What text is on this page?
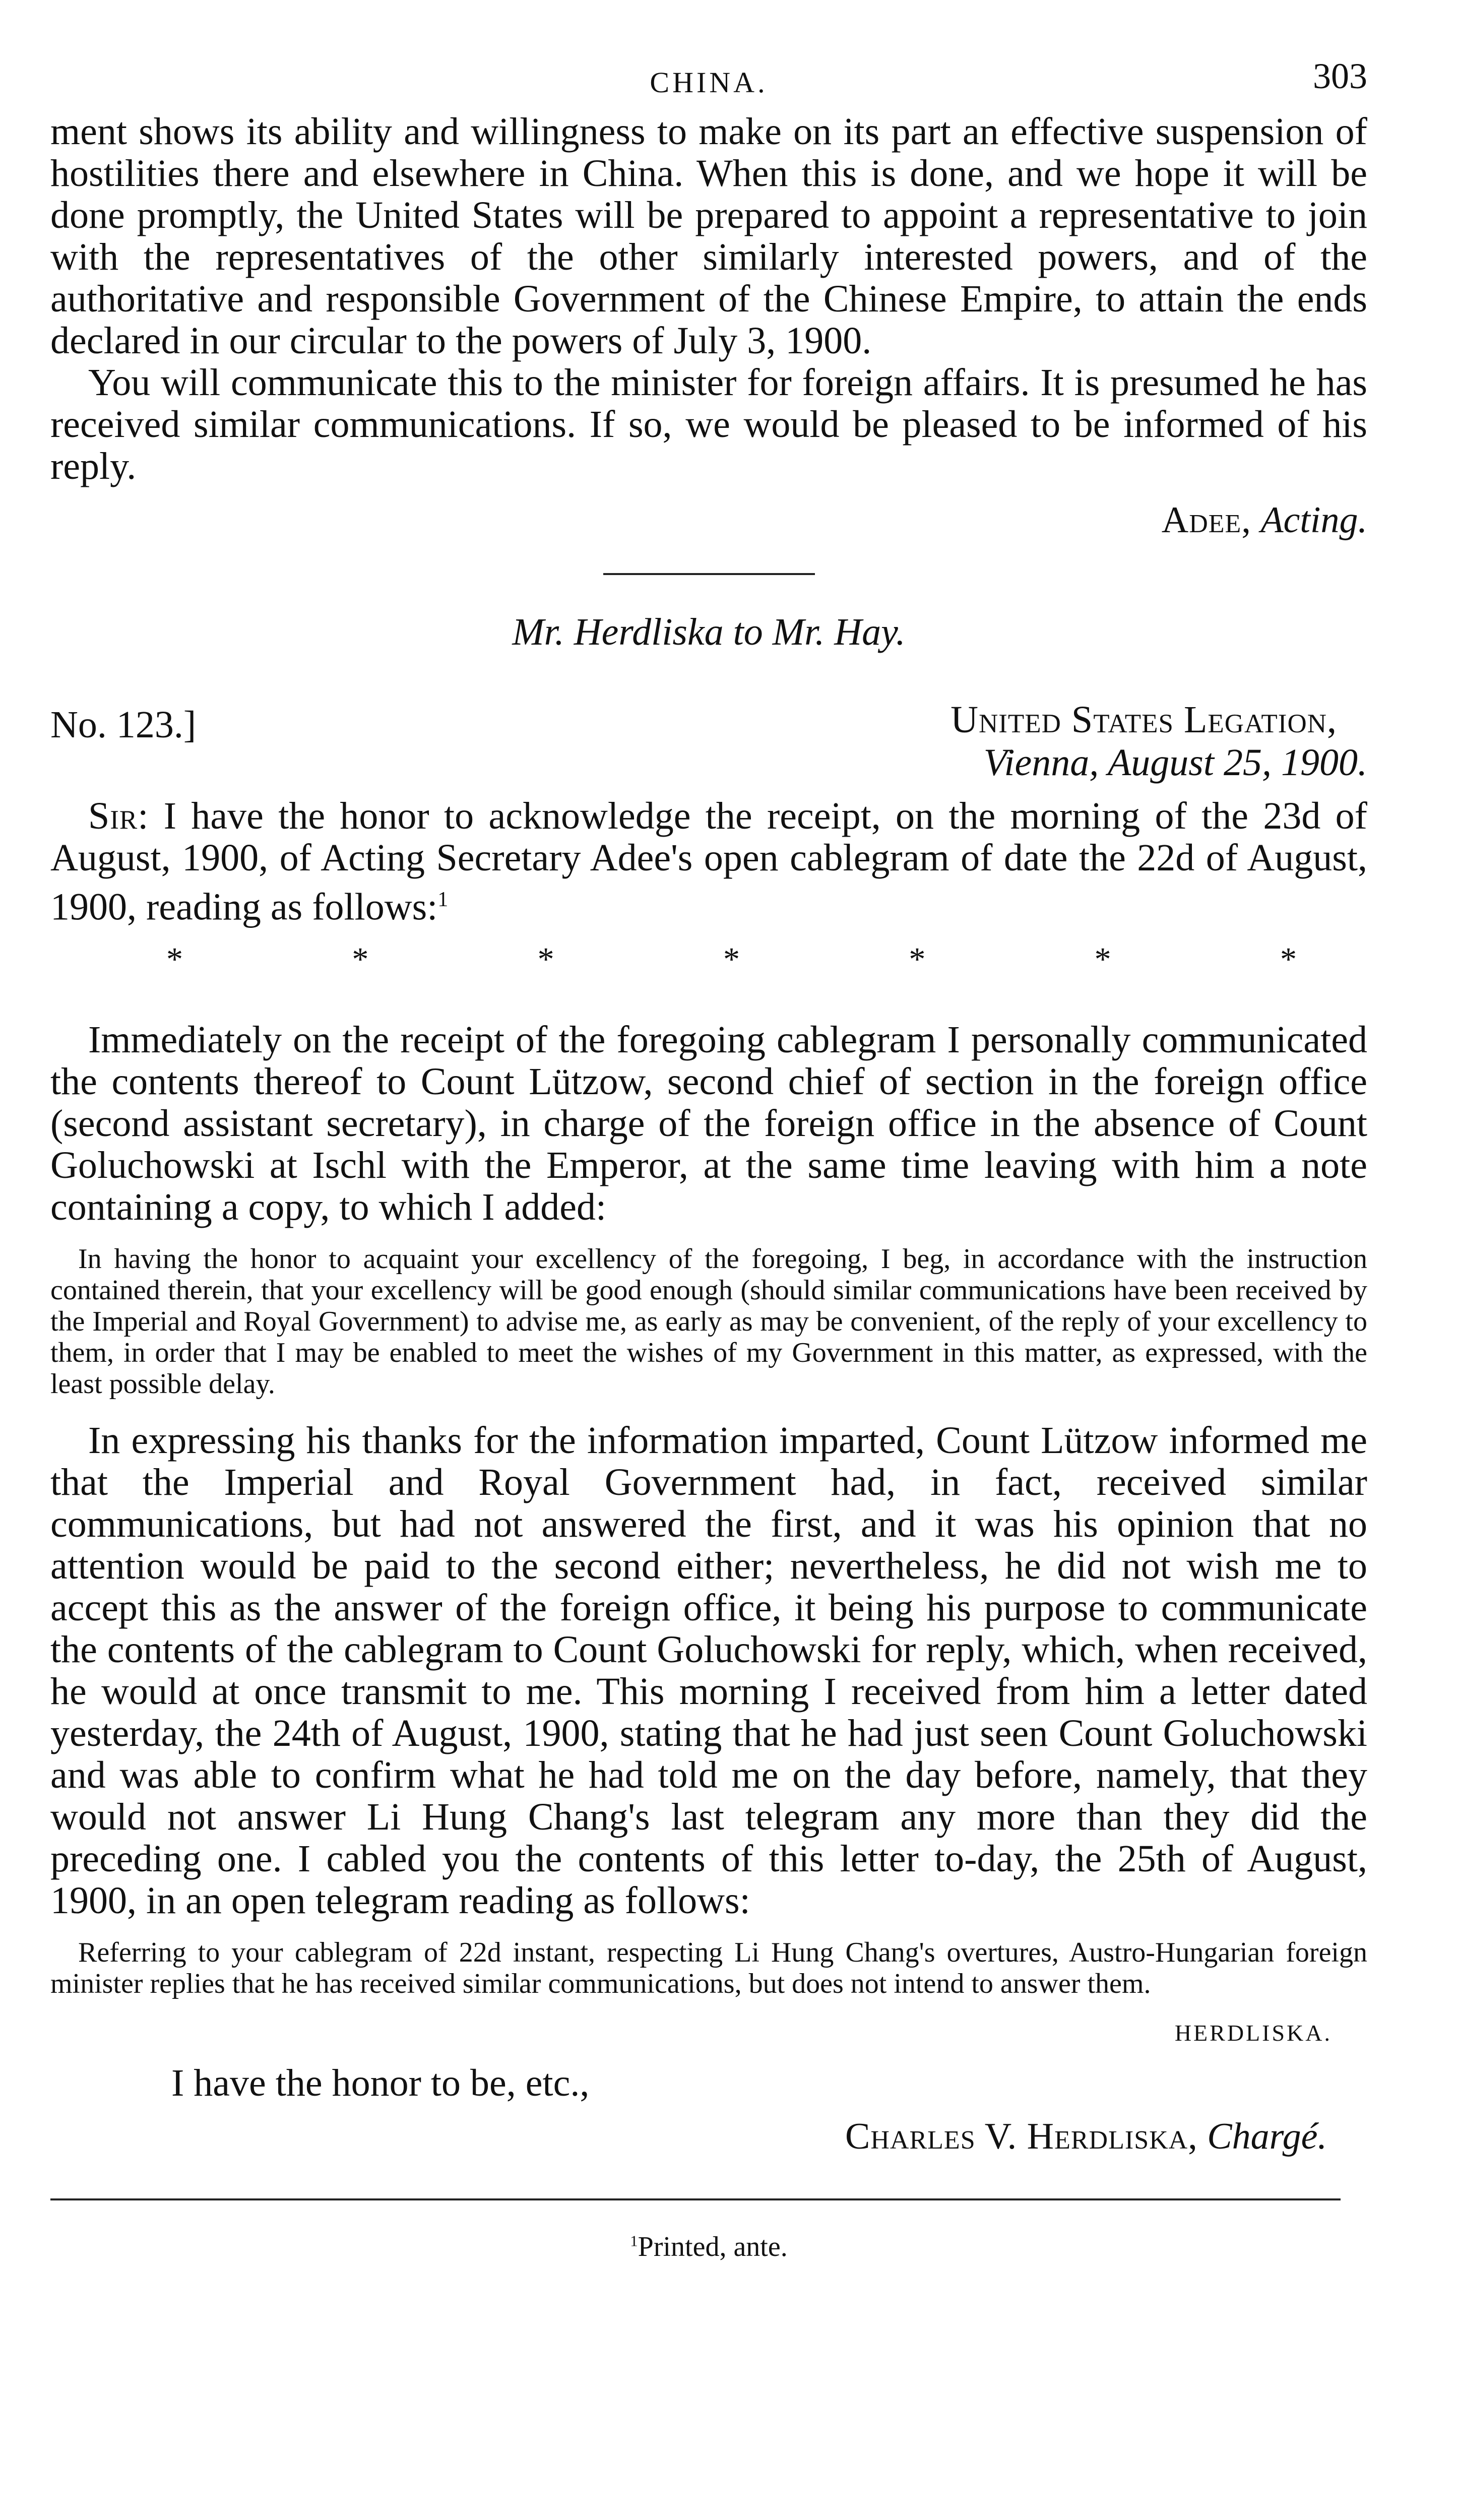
CHINA.	303

ment shows its ability and willingness to make on its part an effective suspension of hostilities there and elsewhere in China. When this is done, and we hope it will be done promptly, the United States will be prepared to appoint a representative to join with the representatives of the other similarly interested powers, and of the authoritative and responsible Government of the Chinese Empire, to attain the ends declared in our circular to the powers of July 3, 1900.

You will communicate this to the minister for foreign affairs. It is presumed he has received similar communications. If so, we would be pleased to be informed of his reply.

Adee, Acting.

Mr. Herdliska to Mr. Hay.

No. 123.]	United States Legation,
Vienna, August 25, 1900.

Sir: I have the honor to acknowledge the receipt, on the morning of the 23d of August, 1900, of Acting Secretary Adee's open cablegram of date the 22d of August, 1900, reading as follows:$^1$

*	*	*	*	*	*	*

Immediately on the receipt of the foregoing cablegram I personally communicated the contents thereof to Count Lützow, second chief of section in the foreign office (second assistant secretary), in charge of the foreign office in the absence of Count Goluchowski at Ischl with the Emperor, at the same time leaving with him a note containing a copy, to which I added:

In having the honor to acquaint your excellency of the foregoing, I beg, in accordance with the instruction contained therein, that your excellency will be good enough (should similar communications have been received by the Imperial and Royal Government) to advise me, as early as may be convenient, of the reply of your excellency to them, in order that I may be enabled to meet the wishes of my Government in this matter, as expressed, with the least possible delay.

In expressing his thanks for the information imparted, Count Lützow informed me that the Imperial and Royal Government had, in fact, received similar communications, but had not answered the first, and it was his opinion that no attention would be paid to the second either; nevertheless, he did not wish me to accept this as the answer of the foreign office, it being his purpose to communicate the contents of the cablegram to Count Goluchowski for reply, which, when received, he would at once transmit to me. This morning I received from him a letter dated yesterday, the 24th of August, 1900, stating that he had just seen Count Goluchowski and was able to confirm what he had told me on the day before, namely, that they would not answer Li Hung Chang's last telegram any more than they did the preceding one. I cabled you the contents of this letter to-day, the 25th of August, 1900, in an open telegram reading as follows:

Referring to your cablegram of 22d instant, respecting Li Hung Chang's overtures, Austro-Hungarian foreign minister replies that he has received similar communications, but does not intend to answer them.

HERDLISKA.

I have the honor to be, etc.,

Charles V. Herdliska, Chargé.

$^1$Printed, ante.
